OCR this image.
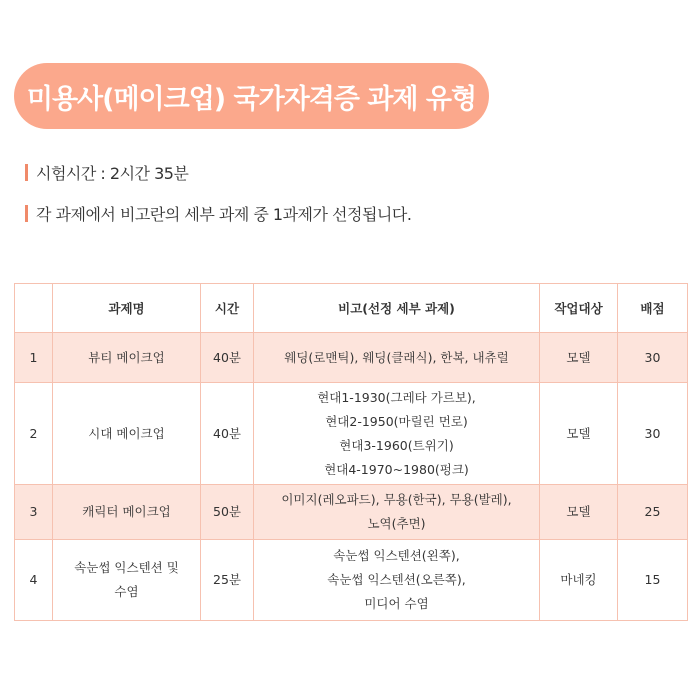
미용사(메이크업) 국가자격증 과제 유형
시험시간 : 2시간 35분
각 과제에서 비고란의 세부 과제 중 1과제가 선정됩니다.
	과제명	시간	비고(선정 세부 과제)	작업대상	배점
1	뷰티 메이크업	40분	웨딩(로맨틱), 웨딩(클래식), 한복, 내츄럴	모델	30
2	시대 메이크업	40분	현대1-1930(그레타 가르보),
현대2-1950(마릴린 먼로)
현대3-1960(트위기)
현대4-1970~1980(펑크)	모델	30
3	캐릭터 메이크업	50분	이미지(레오파드), 무용(한국), 무용(발레),
노역(추면)	모델	25
4	속눈썹 익스텐션 및
수염	25분	속눈썹 익스텐션(왼쪽),
속눈썹 익스텐션(오른쪽),
미디어 수염	마네킹	15
